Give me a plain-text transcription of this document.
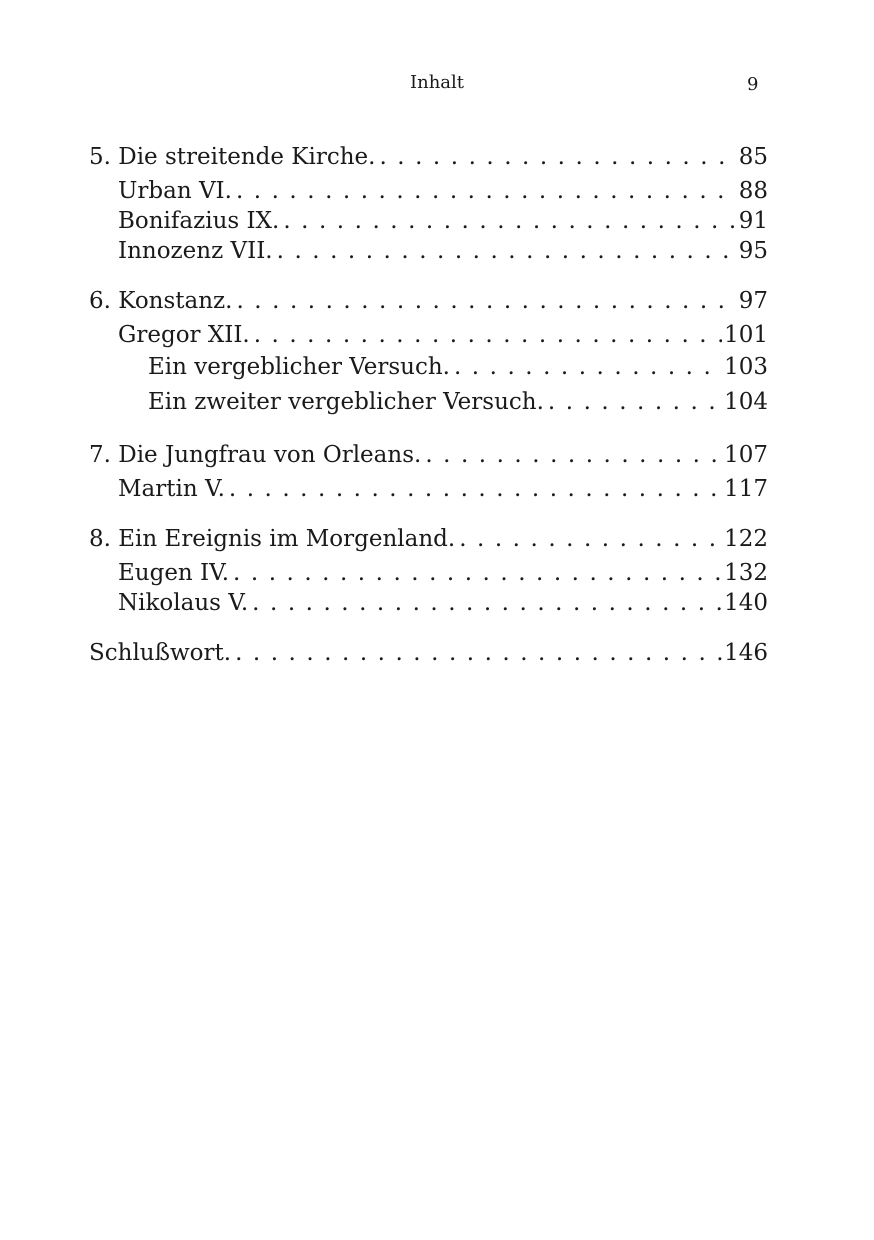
Inhalt	9
5. Die streitende Kirche. . . .	85
Urban VI. . . .	88
Bonifazius IX. . . .	91
Innozenz VII. . . .	95
6. Konstanz. . . .	97
Gregor XII. . . .	101
Ein vergeblicher Versuch. . . .	103
Ein zweiter vergeblicher Versuch. . . .	104
7. Die Jungfrau von Orleans. . . .	107
Martin V. . . .	117
8. Ein Ereignis im Morgenland. . . .	122
Eugen IV. . . .	132
Nikolaus V. . . .	140
Schlußwort. . . .	146
